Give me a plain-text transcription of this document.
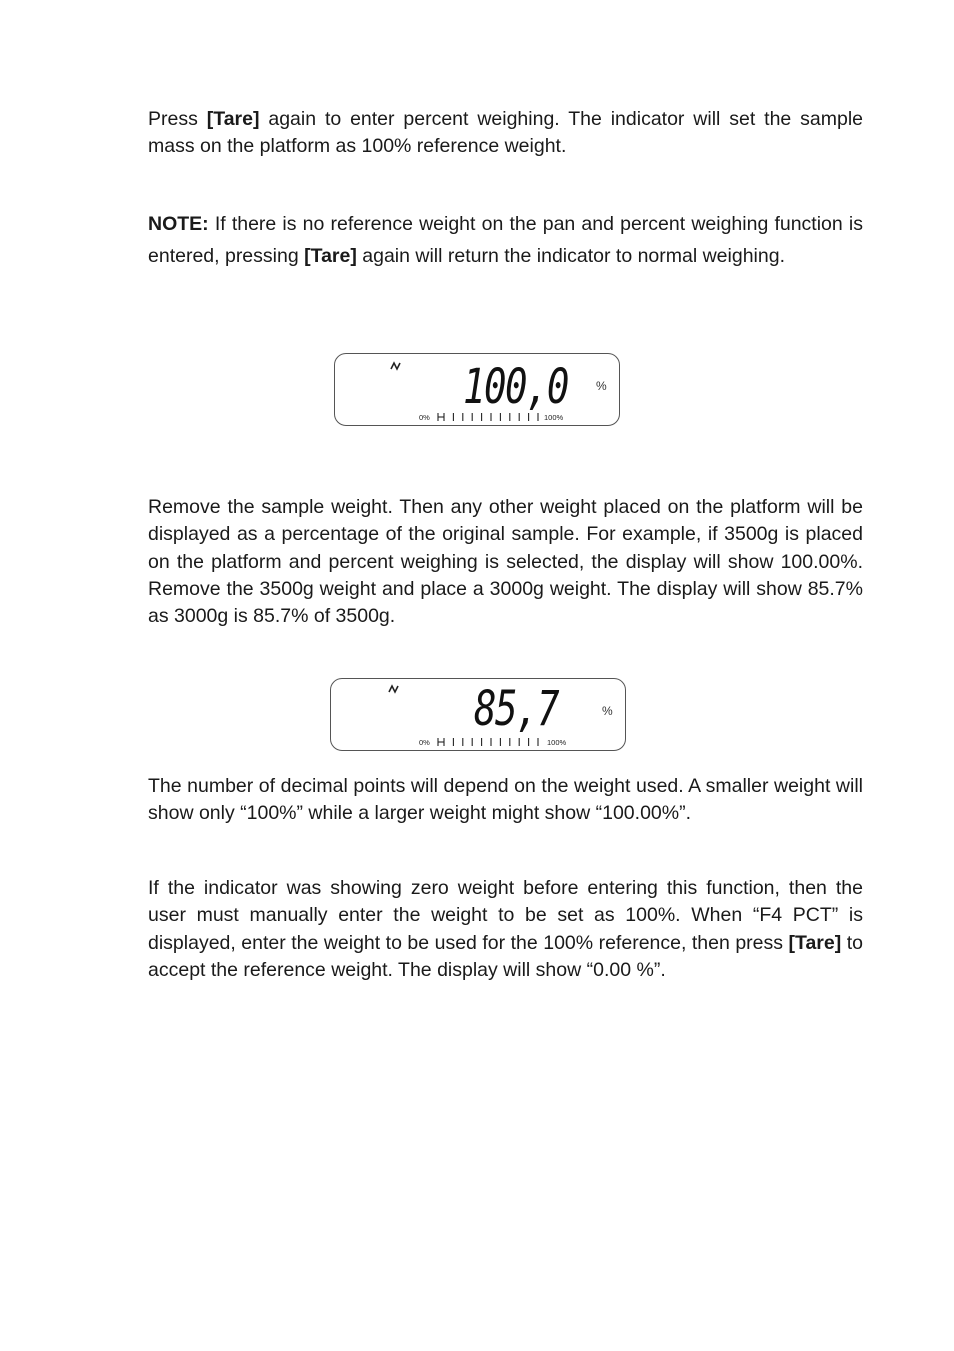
Press [Tare] again to enter percent weighing. The indicator will set the sample mass on the platform as 100% reference weight.

NOTE: If there is no reference weight on the pan and percent weighing function is entered, pressing [Tare] again will return the indicator to normal weighing.

100,0 %
0%	100%

Remove the sample weight. Then any other weight placed on the platform will be displayed as a percentage of the original sample. For example, if 3500g is placed on the platform and percent weighing is selected, the display will show 100.00%. Remove the 3500g weight and place a 3000g weight. The display will show 85.7% as 3000g is 85.7% of 3500g.

85,7	%
0%	100%

The number of decimal points will depend on the weight used. A smaller weight will show only “100%” while a larger weight might show “100.00%”.

If the indicator was showing zero weight before entering this function, then the user must manually enter the weight to be set as 100%. When “F4 PCT” is displayed, enter the weight to be used for the 100% reference, then press [Tare] to accept the reference weight. The display will show “0.00 %”.
